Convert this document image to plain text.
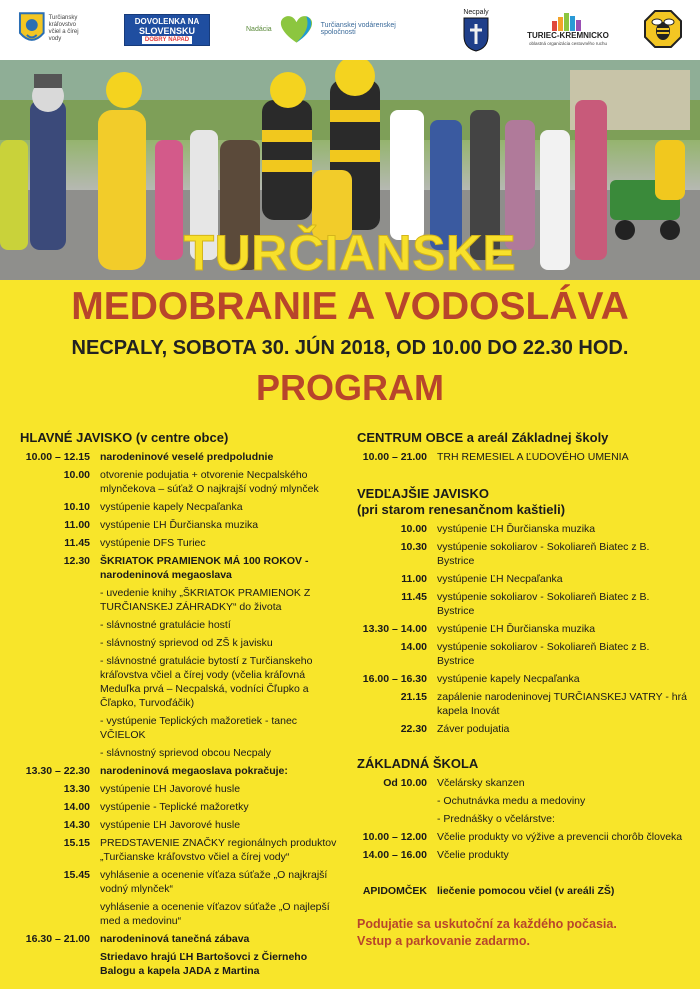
Turčiansky kráľovstvo včiel a čírej vody
DOVOLENKA NA
SLOVENSKU
DOBRÝ NÁPAD
Nadácia	Turčianskej vodárenskej spoločnosti
Necpaly
TURIEC-KREMNICKO
oblastná organizácia cestovného ruchu
TURČIANSKE
MEDOBRANIE A VODOSLÁVA
NECPALY, SOBOTA 30. JÚN 2018, OD 10.00 DO 22.30 HOD.
PROGRAM
HLAVNÉ JAVISKO (v centre obce)
10.00 – 12.15 narodeninové veselé predpoludnie
10.00 otvorenie podujatia + otvorenie Necpalského mlynčekova – súťaž O najkrajší vodný mlynček
10.10 vystúpenie kapely Necpaľanka
11.00 vystúpenie ĽH Ďurčianska muzika
11.45 vystúpenie DFS Turiec
12.30 ŠKRIATOK PRAMIENOK MÁ 100 ROKOV - narodeninová megaoslava
- uvedenie knihy „ŠKRIATOK PRAMIENOK Z TURČIANSKEJ ZÁHRADKY“ do života
- slávnostné gratulácie hostí
- slávnostný sprievod od ZŠ k javisku
- slávnostné gratulácie bytostí z Turčianskeho kráľovstva včiel a čírej vody (včelia kráľovná Meduľka prvá – Necpalská, vodníci Čľupko a Čľapko, Turvoďáčik)
- vystúpenie Teplických mažoretiek - tanec VČIELOK
- slávnostný sprievod obcou Necpaly
13.30 – 22.30 narodeninová megaoslava pokračuje:
13.30 vystúpenie ĽH Javorové husle
14.00 vystúpenie - Teplické mažoretky
14.30 vystúpenie ĽH Javorové husle
15.15 PREDSTAVENIE ZNAČKY regionálnych produktov „Turčianske kráľovstvo včiel a čírej vody“
15.45 vyhlásenie a ocenenie víťaza súťaže „O najkrajší vodný mlynček“
vyhlásenie a ocenenie víťazov súťaže „O najlepší med a medovinu“
16.30 – 21.00 narodeninová tanečná zábava
Striedavo hrajú ĽH Bartošovci z Čierneho Balogu a kapela JADA z Martina
CENTRUM OBCE a areál Základnej školy
10.00 – 21.00 TRH REMESIEL A ĽUDOVÉHO UMENIA
VEDĽAJŠIE JAVISKO
(pri starom renesančnom kaštieli)
10.00 vystúpenie ĽH Ďurčianska muzika
10.30 vystúpenie sokoliarov - Sokoliareň Biatec z B. Bystrice
11.00 vystúpenie ĽH Necpaľanka
11.45 vystúpenie sokoliarov - Sokoliareň Biatec z B. Bystrice
13.30 – 14.00 vystúpenie ĽH Ďurčianska muzika
14.00 vystúpenie sokoliarov - Sokoliareň Biatec z B. Bystrice
16.00 – 16.30 vystúpenie kapely Necpaľanka
21.15 zapálenie narodeninovej TURČIANSKEJ VATRY - hrá kapela Inovát
22.30 Záver podujatia
ZÁKLADNÁ ŠKOLA
Od 10.00 Včelársky skanzen
- Ochutnávka medu a medoviny
- Prednášky o včelárstve:
10.00 – 12.00 Včelie produkty vo výžive a prevencii chorôb človeka
14.00 – 16.00 Včelie produkty
APIDOMČEK liečenie pomocou včiel (v areáli ZŠ)
Podujatie sa uskutoční za každého počasia.
Vstup a parkovanie zadarmo.
